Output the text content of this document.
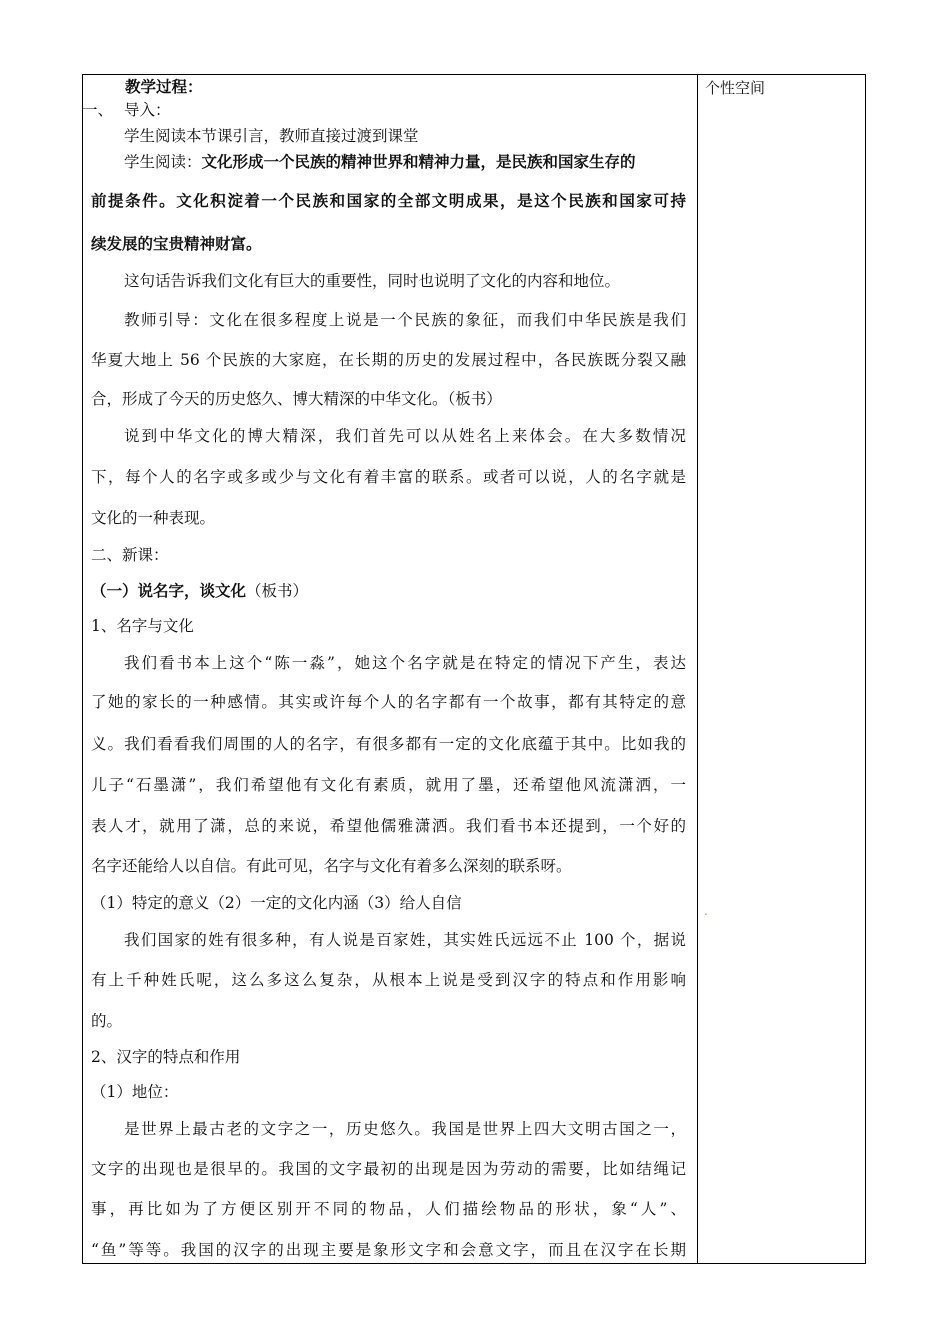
个性空间
.
教学过程：
一、 导入：
学生阅读本节课引言，教师直接过渡到课堂
学生阅读：文化形成一个民族的精神世界和精神力量，是民族和国家生存的
前提条件。文化积淀着一个民族和国家的全部文明成果，是这个民族和国家可持
续发展的宝贵精神财富。
这句话告诉我们文化有巨大的重要性，同时也说明了文化的内容和地位。
教师引导：文化在很多程度上说是一个民族的象征，而我们中华民族是我们
华夏大地上 56 个民族的大家庭，在长期的历史的发展过程中，各民族既分裂又融
合，形成了今天的历史悠久、博大精深的中华文化。（板书）
说到中华文化的博大精深，我们首先可以从姓名上来体会。在大多数情况
下，每个人的名字或多或少与文化有着丰富的联系。或者可以说，人的名字就是
文化的一种表现。
二、新课：
（一）说名字，谈文化（板书）
1、名字与文化
我们看书本上这个“陈一淼”，她这个名字就是在特定的情况下产生，表达
了她的家长的一种感情。其实或许每个人的名字都有一个故事，都有其特定的意
义。我们看看我们周围的人的名字，有很多都有一定的文化底蕴于其中。比如我的
儿子“石墨潇”，我们希望他有文化有素质，就用了墨，还希望他风流潇洒，一
表人才，就用了潇，总的来说，希望他儒雅潇洒。我们看书本还提到，一个好的
名字还能给人以自信。有此可见，名字与文化有着多么深刻的联系呀。
（1）特定的意义（2）一定的文化内涵（3）给人自信
我们国家的姓有很多种，有人说是百家姓，其实姓氏远远不止 100 个，据说
有上千种姓氏呢，这么多这么复杂，从根本上说是受到汉字的特点和作用影响
的。
2、汉字的特点和作用
（1）地位：
是世界上最古老的文字之一，历史悠久。我国是世界上四大文明古国之一，
文字的出现也是很早的。我国的文字最初的出现是因为劳动的需要，比如结绳记
事，再比如为了方便区别开不同的物品，人们描绘物品的形状，象“人”、
“鱼”等等。我国的汉字的出现主要是象形文字和会意文字，而且在汉字在长期
